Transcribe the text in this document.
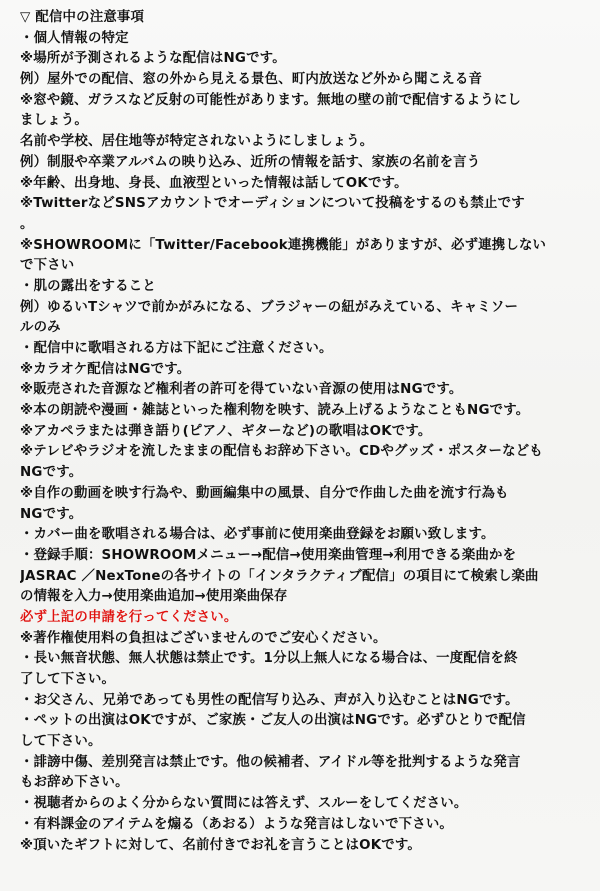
▽ 配信中の注意事項
・個人情報の特定
※場所が予測されるような配信はNGです。
例）屋外での配信、窓の外から見える景色、町内放送など外から聞こえる音
※窓や鏡、ガラスなど反射の可能性があります。無地の壁の前で配信するようにし
ましょう。
名前や学校、居住地等が特定されないようにしましょう。
例）制服や卒業アルバムの映り込み、近所の情報を話す、家族の名前を言う
※年齢、出身地、身長、血液型といった情報は話してOKです。
※TwitterなどSNSアカウントでオーディションについて投稿をするのも禁止です
。
※SHOWROOMに「Twitter/Facebook連携機能」がありますが、必ず連携しない
で下さい
・肌の露出をすること
例）ゆるいTシャツで前かがみになる、ブラジャーの紐がみえている、キャミソー
ルのみ
・配信中に歌唱される方は下記にご注意ください。
※カラオケ配信はNGです。
※販売された音源など権利者の許可を得ていない音源の使用はNGです。
※本の朗読や漫画・雑誌といった権利物を映す、読み上げるようなこともNGです。
※アカペラまたは弾き語り(ピアノ、ギターなど)の歌唱はOKです。
※テレビやラジオを流したままの配信もお辞め下さい。CDやグッズ・ポスターなども
NGです。
※自作の動画を映す行為や、動画編集中の風景、自分で作曲した曲を流す行為も
NGです。
・カバー曲を歌唱される場合は、必ず事前に使用楽曲登録をお願い致します。
・登録手順：SHOWROOMメニュー→配信→使用楽曲管理→利用できる楽曲かを
JASRAC ／NexToneの各サイトの「インタラクティブ配信」の項目にて検索し楽曲
の情報を入力→使用楽曲追加→使用楽曲保存
必ず上記の申請を行ってください。
※著作権使用料の負担はございませんのでご安心ください。
・長い無音状態、無人状態は禁止です。1分以上無人になる場合は、一度配信を終
了して下さい。
・お父さん、兄弟であっても男性の配信写り込み、声が入り込むことはNGです。
・ペットの出演はOKですが、ご家族・ご友人の出演はNGです。必ずひとりで配信
して下さい。
・誹謗中傷、差別発言は禁止です。他の候補者、アイドル等を批判するような発言
もお辞め下さい。
・視聴者からのよく分からない質問には答えず、スルーをしてください。
・有料課金のアイテムを煽る（あおる）ような発言はしないで下さい。
※頂いたギフトに対して、名前付きでお礼を言うことはOKです。
